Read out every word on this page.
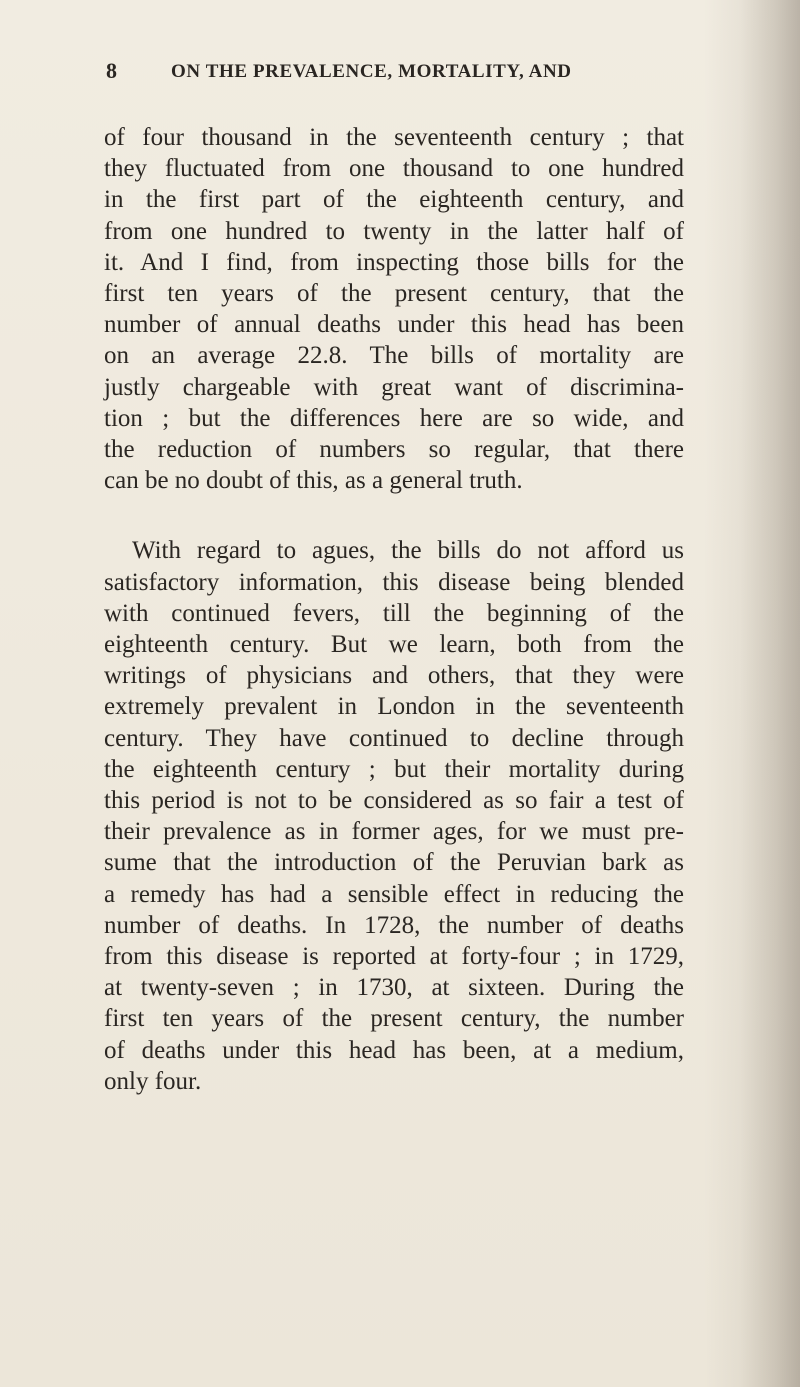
8	ON THE PREVALENCE, MORTALITY, AND

of four thousand in the seventeenth century ; that
they fluctuated from one thousand to one hundred
in the first part of the eighteenth century, and
from one hundred to twenty in the latter half of
it. And I find, from inspecting those bills for the
first ten years of the present century, that the
number of annual deaths under this head has been
on an average 22.8. The bills of mortality are
justly chargeable with great want of discrimina-
tion ; but the differences here are so wide, and
the reduction of numbers so regular, that there
can be no doubt of this, as a general truth.

With regard to agues, the bills do not afford us
satisfactory information, this disease being blended
with continued fevers, till the beginning of the
eighteenth century. But we learn, both from the
writings of physicians and others, that they were
extremely prevalent in London in the seventeenth
century. They have continued to decline through
the eighteenth century ; but their mortality during
this period is not to be considered as so fair a test of
their prevalence as in former ages, for we must pre-
sume that the introduction of the Peruvian bark as
a remedy has had a sensible effect in reducing the
number of deaths. In 1728, the number of deaths
from this disease is reported at forty-four ; in 1729,
at twenty-seven ; in 1730, at sixteen. During the
first ten years of the present century, the number
of deaths under this head has been, at a medium,
only four.
